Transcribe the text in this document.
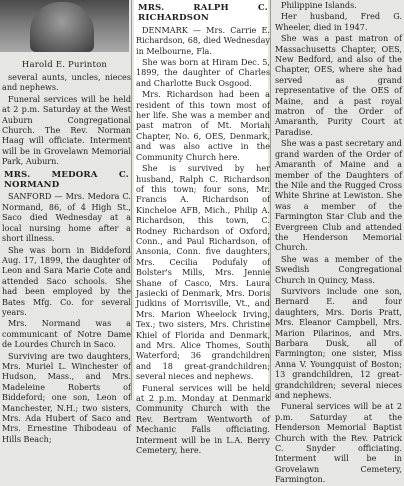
Harold E. Purinton

several aunts, uncles, nieces and nephews.

Funeral services will be held at 2 p.m. Saturday at the West Auburn Congregational Church. The Rev. Norman Haag will officiate. Interment will be in Grovelawn Memorial Park, Auburn.

MRS. MEDORA C. NORMAND

SANFORD — Mrs. Medora C. Normand, 86, of 4 High St., Saco died Wednesday at a local nursing home after a short illness.

She was born in Biddeford Aug. 17, 1899, the daughter of Leon and Sara Marie Cote and attended Saco schools. She had been employed by the Bates Mfg. Co. for several years.

Mrs. Normand was a communicant of Notre Dame de Lourdes Church in Saco.

Surviving are two daughters, Mrs. Muriel L. Winchester of Hudson, Mass., and Mrs. Madeleine Roberts of Biddeford; one son, Leon of Manchester, N.H.; two sisters, Mrs. Ada Hubert of Saco and Mrs. Ernestine Thibodeau of Hills Beach;

MRS. RALPH C. RICHARDSON

DENMARK — Mrs. Carrie E. Richardson, 68, died Wednesday in Melbourne, Fla.

She was born at Hiram Dec. 5, 1899, the daughter of Charles and Charlotte Buck Osgood.

Mrs. Richardson had been a resident of this town most of her life. She was a member and past matron of Mt. Moriah Chapter, No. 6, OES, Denmark, and was also active in the Community Church here.

She is survived by her husband, Ralph C. Richardson of this town; four sons, Mr. Francis A. Richardson of Kincheloe AFB, Mich., Philip A. Richardson, this town, C. Rodney Richardson of Oxford, Conn., and Paul Richardson, of Ansonia, Conn. five daughters, Mrs. Cecilia Podufaly of Bolster's Mills, Mrs. Jennie Shane of Casco, Mrs. Laura Jasiecki of Denmark, Mrs. Doris Judkins of Morrisville, Vt., and Mrs. Marion Wheelock Irving, Tex.; two sisters, Mrs. Christine Khiel of Florida and Denmark, and Mrs. Alice Thomes, South Waterford; 36 grandchildren and 18 great-grandchildren; several nieces and nephews.

Funeral services will be held at 2 p.m. Monday at Denmark Community Church with the Rev. Bertram Wentworth of Mechanic Falls officiating. Interment will be in L.A. Berry Cemetery, here.

Philippine Islands.

Her husband, Fred G. Wheeler, died in 1947.

She was a past matron of Massachusetts Chapter, OES, New Bedford, and also of the Chapter, OES, where she had served as grand representative of the OES of Maine, and a past royal matron of the Order of Amaranth, Purity Court at Paradise.

She was a past secretary and grand warden of the Order of Amaranth of Maine and a member of the Daughters of the Nile and the Rugged Cross White Shrine at Lewiston. She was a member of the Farmington Star Club and the Evergreen Club and attended the Henderson Memorial Church.

She was a member of the Swedish Congregational Church in Quincy, Mass.

Survivors include one son, Bernard E. and four daughters, Mrs. Doris Pratt, Mrs. Eleanor Campbell, Mrs. Marion Pilarinos, and Mrs. Barbara Dusk, all of Farmington; one sister, Miss Anna V. Youngquist of Boston; 13 grandchildren, 12 great-grandchildren; several nieces and nephews.

Funeral services will be at 2 p.m. Saturday at the Henderson Memorial Baptist Church with the Rev. Patrick C. Snyder officiating. Interment will be in Grovelawn Cemetery, Farmington.
